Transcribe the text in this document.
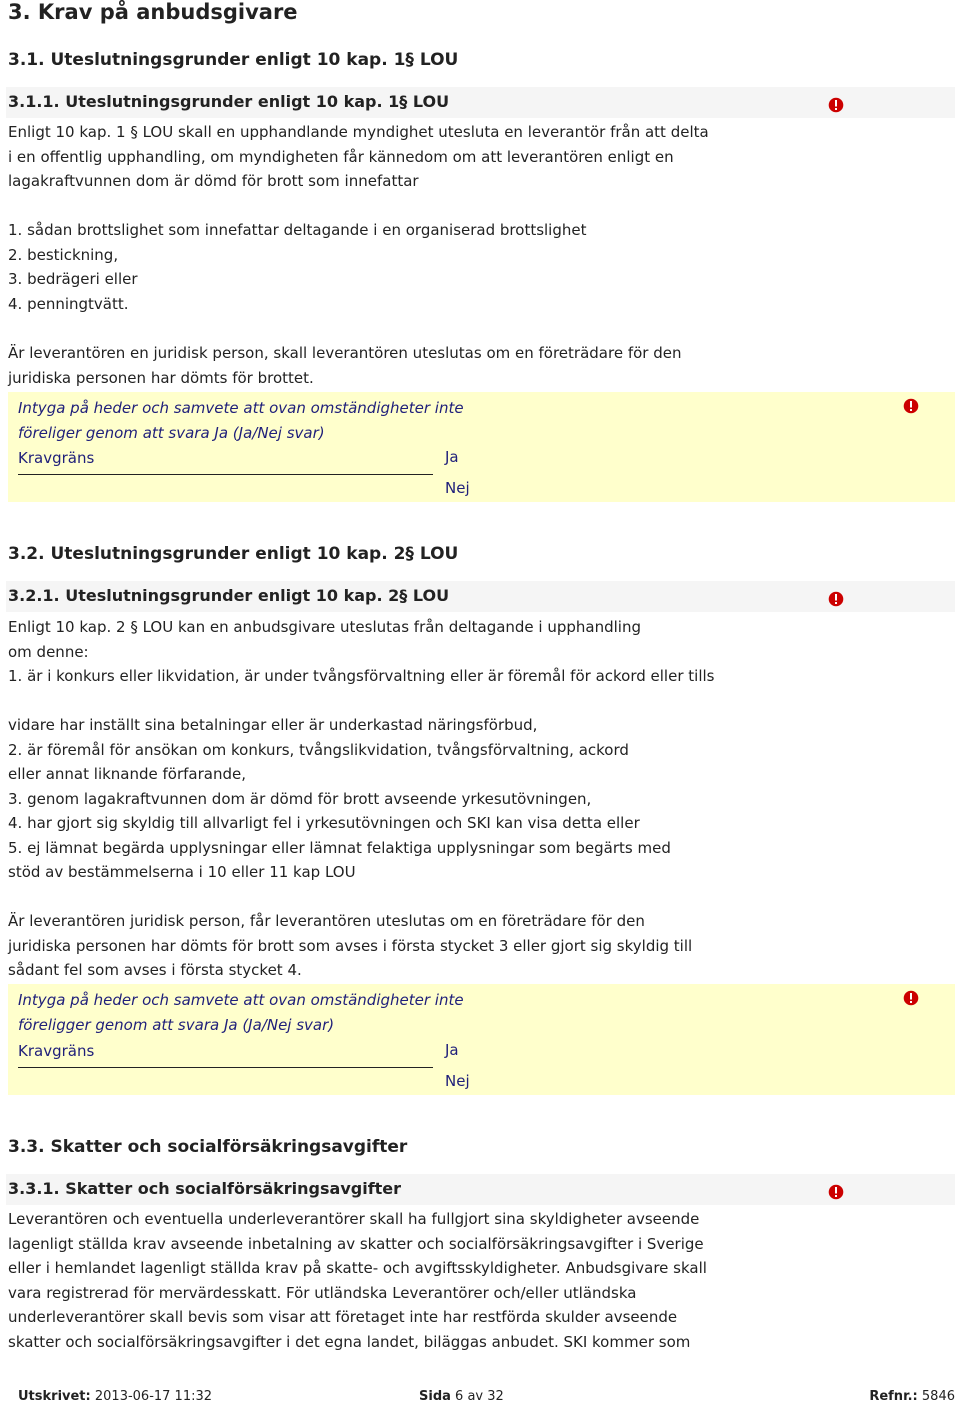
3. Krav på anbudsgivare
3.1. Uteslutningsgrunder enligt 10 kap. 1§ LOU
3.1.1. Uteslutningsgrunder enligt 10 kap. 1§ LOU
Enligt 10 kap. 1 § LOU skall en upphandlande myndighet utesluta en leverantör från att delta
i en offentlig upphandling, om myndigheten får kännedom om att leverantören enligt en
lagakraftvunnen dom är dömd för brott som innefattar
1. sådan brottslighet som innefattar deltagande i en organiserad brottslighet
2. bestickning,
3. bedrägeri eller
4. penningtvätt.
Är leverantören en juridisk person, skall leverantören uteslutas om en företrädare för den
juridiska personen har dömts för brottet.
Intyga på heder och samvete att ovan omständigheter inte
föreliger genom att svara Ja (Ja/Nej svar)
Kravgräns	Ja
Nej
3.2. Uteslutningsgrunder enligt 10 kap. 2§ LOU
3.2.1. Uteslutningsgrunder enligt 10 kap. 2§ LOU
Enligt 10 kap. 2 § LOU kan en anbudsgivare uteslutas från deltagande i upphandling
om denne:
1. är i konkurs eller likvidation, är under tvångsförvaltning eller är föremål för ackord eller tills
vidare har inställt sina betalningar eller är underkastad näringsförbud,
2. är föremål för ansökan om konkurs, tvångslikvidation, tvångsförvaltning, ackord
eller annat liknande förfarande,
3. genom lagakraftvunnen dom är dömd för brott avseende yrkesutövningen,
4. har gjort sig skyldig till allvarligt fel i yrkesutövningen och SKI kan visa detta eller
5. ej lämnat begärda upplysningar eller lämnat felaktiga upplysningar som begärts med
stöd av bestämmelserna i 10 eller 11 kap LOU
Är leverantören juridisk person, får leverantören uteslutas om en företrädare för den
juridiska personen har dömts för brott som avses i första stycket 3 eller gjort sig skyldig till
sådant fel som avses i första stycket 4.
Intyga på heder och samvete att ovan omständigheter inte
föreligger genom att svara Ja (Ja/Nej svar)
Kravgräns	Ja
Nej
3.3. Skatter och socialförsäkringsavgifter
3.3.1. Skatter och socialförsäkringsavgifter
Leverantören och eventuella underleverantörer skall ha fullgjort sina skyldigheter avseende
lagenligt ställda krav avseende inbetalning av skatter och socialförsäkringsavgifter i Sverige
eller i hemlandet lagenligt ställda krav på skatte- och avgiftsskyldigheter. Anbudsgivare skall
vara registrerad för mervärdesskatt. För utländska Leverantörer och/eller utländska
underleverantörer skall bevis som visar att företaget inte har restförda skulder avseende
skatter och socialförsäkringsavgifter i det egna landet, biläggas anbudet. SKI kommer som
Utskrivet: 2013-06-17 11:32	Sida 6 av 32	Refnr.: 5846
